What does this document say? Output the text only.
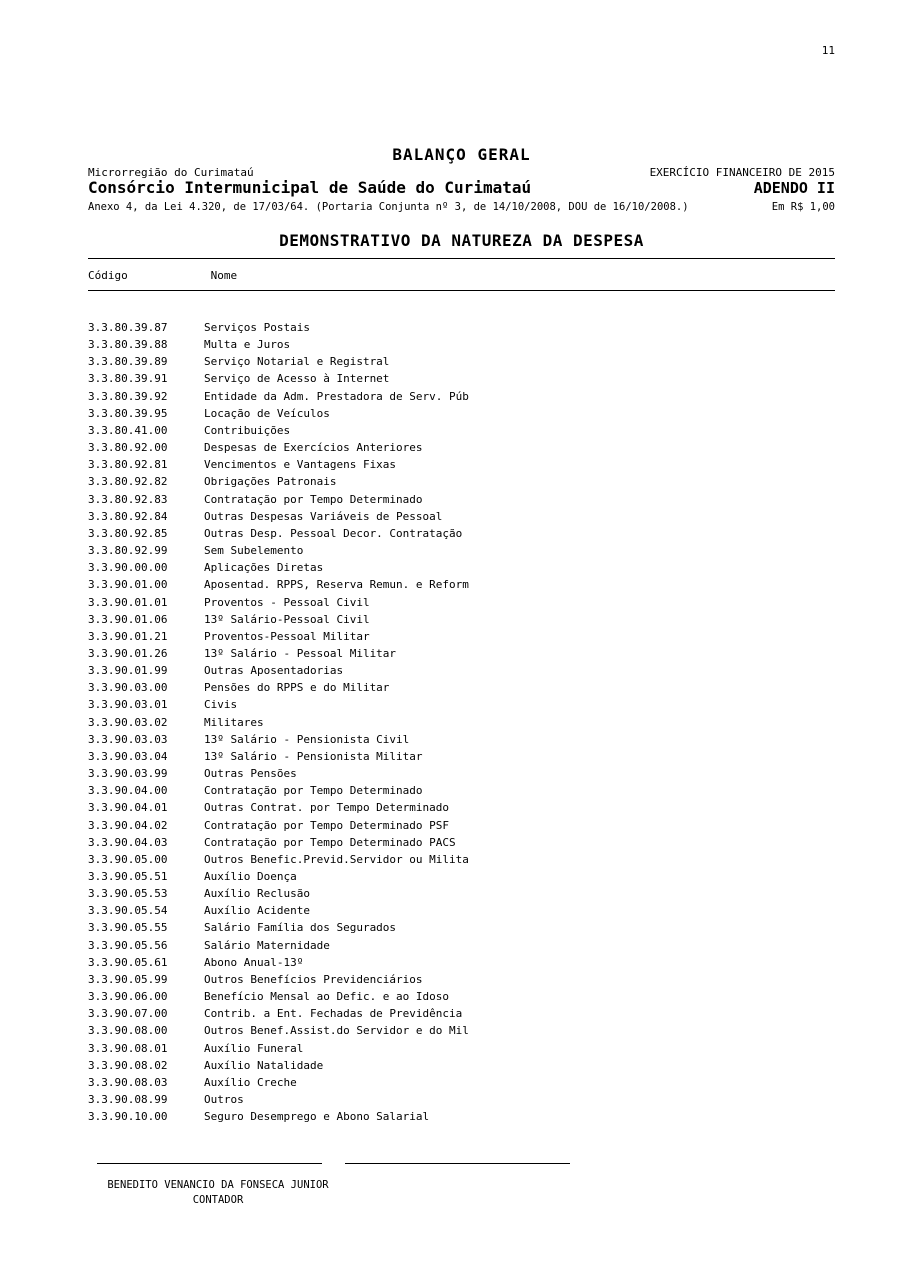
11
BALANÇO GERAL
Microrregião do Curimataú	EXERCÍCIO FINANCEIRO DE 2015
Consórcio Intermunicipal de Saúde do Curimataú	ADENDO II
Anexo 4, da Lei 4.320, de 17/03/64. (Portaria Conjunta nº 3, de 14/10/2008, DOU de 16/10/2008.)	Em R$ 1,00
DEMONSTRATIVO DA NATUREZA DA DESPESA
Código	Nome
3.3.80.39.87	Serviços Postais
3.3.80.39.88	Multa e Juros
3.3.80.39.89	Serviço Notarial e Registral
3.3.80.39.91	Serviço de Acesso à Internet
3.3.80.39.92	Entidade da Adm. Prestadora de Serv. Púb
3.3.80.39.95	Locação de Veículos
3.3.80.41.00	Contribuições
3.3.80.92.00	Despesas de Exercícios Anteriores
3.3.80.92.81	Vencimentos e Vantagens Fixas
3.3.80.92.82	Obrigações Patronais
3.3.80.92.83	Contratação por Tempo Determinado
3.3.80.92.84	Outras Despesas Variáveis de Pessoal
3.3.80.92.85	Outras Desp. Pessoal Decor. Contratação
3.3.80.92.99	Sem Subelemento
3.3.90.00.00	Aplicações Diretas
3.3.90.01.00	Aposentad. RPPS, Reserva Remun. e Reform
3.3.90.01.01	Proventos - Pessoal Civil
3.3.90.01.06	13º Salário-Pessoal Civil
3.3.90.01.21	Proventos-Pessoal Militar
3.3.90.01.26	13º Salário - Pessoal Militar
3.3.90.01.99	Outras Aposentadorias
3.3.90.03.00	Pensões do RPPS e do Militar
3.3.90.03.01	Civis
3.3.90.03.02	Militares
3.3.90.03.03	13º Salário - Pensionista Civil
3.3.90.03.04	13º Salário - Pensionista Militar
3.3.90.03.99	Outras Pensões
3.3.90.04.00	Contratação por Tempo Determinado
3.3.90.04.01	Outras Contrat. por Tempo Determinado
3.3.90.04.02	Contratação por Tempo Determinado PSF
3.3.90.04.03	Contratação por Tempo Determinado PACS
3.3.90.05.00	Outros Benefic.Previd.Servidor ou Milita
3.3.90.05.51	Auxílio Doença
3.3.90.05.53	Auxílio Reclusão
3.3.90.05.54	Auxílio Acidente
3.3.90.05.55	Salário Família dos Segurados
3.3.90.05.56	Salário Maternidade
3.3.90.05.61	Abono Anual-13º
3.3.90.05.99	Outros Benefícios Previdenciários
3.3.90.06.00	Benefício Mensal ao Defic. e ao Idoso
3.3.90.07.00	Contrib. a Ent. Fechadas de Previdência
3.3.90.08.00	Outros Benef.Assist.do Servidor e do Mil
3.3.90.08.01	Auxílio Funeral
3.3.90.08.02	Auxílio Natalidade
3.3.90.08.03	Auxílio Creche
3.3.90.08.99	Outros
3.3.90.10.00	Seguro Desemprego e Abono Salarial
BENEDITO VENANCIO DA FONSECA JUNIOR
CONTADOR
